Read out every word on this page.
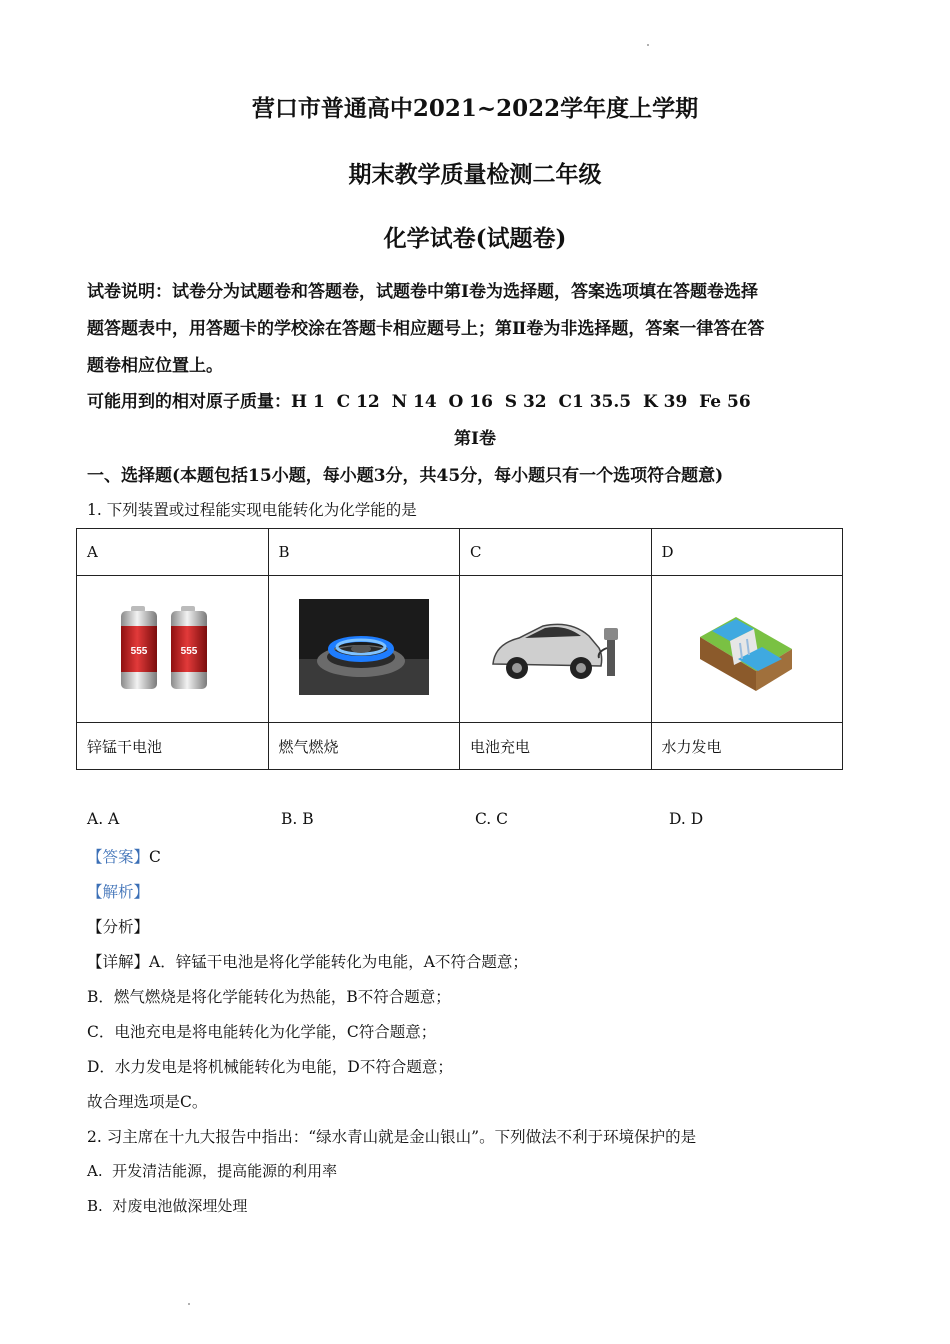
营口市普通高中2021~2022学年度上学期
期末教学质量检测二年级
化学试卷(试题卷)
试卷说明：试卷分为试题卷和答题卷，试题卷中第Ⅰ卷为选择题，答案选项填在答题卷选择
题答题表中，用答题卡的学校涂在答题卡相应题号上；第Ⅱ卷为非选择题，答案一律答在答
题卷相应位置上。
可能用到的相对原子质量：H 1  C 12  N 14  O 16  S 32  C1 35.5  K 39  Fe 56
第Ⅰ卷
一、选择题(本题包括15小题，每小题3分，共45分，每小题只有一个选项符合题意)
1. 下列装置或过程能实现电能转化为化学能的是
A	B	C	D

555 555

锌锰干电池	燃气燃烧	电池充电	水力发电
A. A	B. B	C. C	D. D
【答案】C
【解析】
【分析】
【详解】A．锌锰干电池是将化学能转化为电能，A不符合题意；
B．燃气燃烧是将化学能转化为热能，B不符合题意；
C．电池充电是将电能转化为化学能，C符合题意；
D．水力发电是将机械能转化为电能，D不符合题意；
故合理选项是C。
2. 习主席在十九大报告中指出：“绿水青山就是金山银山”。下列做法不利于环境保护的是
A.  开发清洁能源，提高能源的利用率
B.  对废电池做深埋处理
